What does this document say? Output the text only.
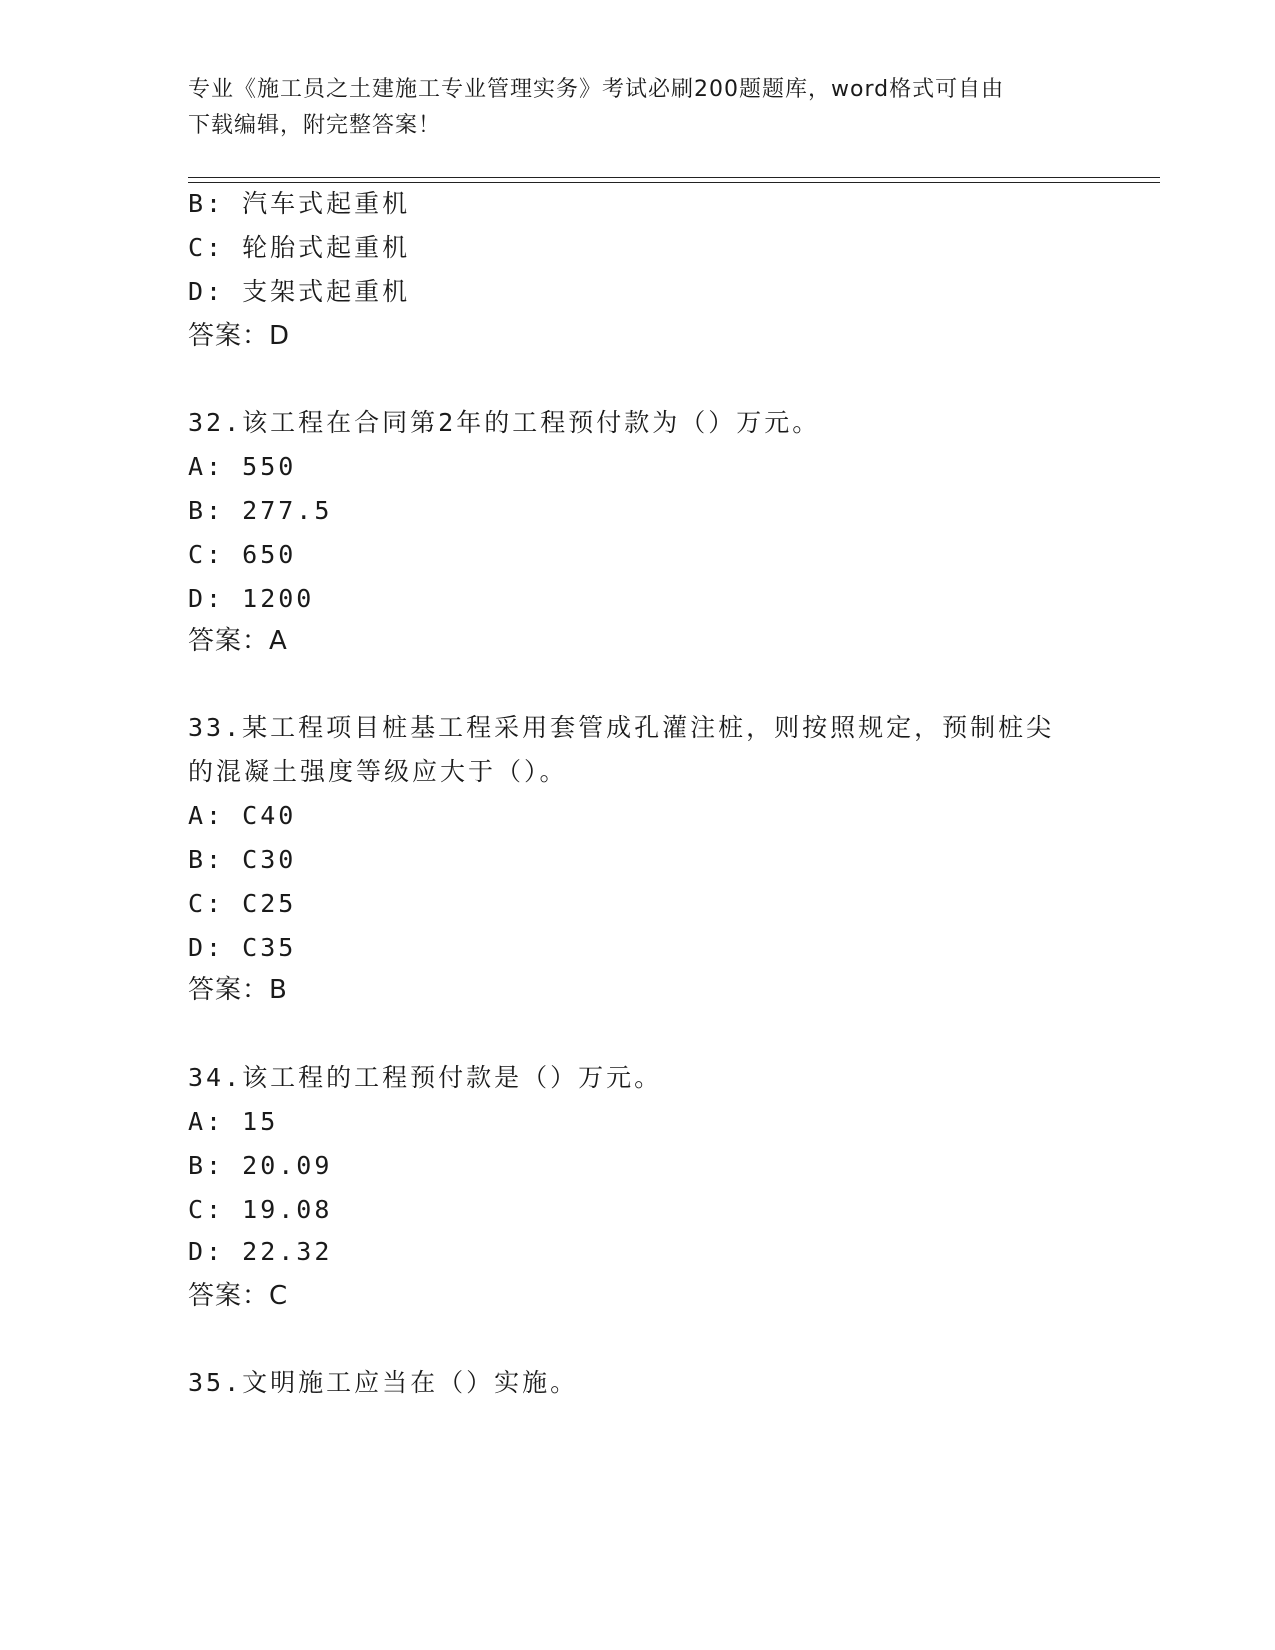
专业《施工员之土建施工专业管理实务》考试必刷200题题库，word格式可自由
下载编辑，附完整答案！
B: 汽车式起重机
C: 轮胎式起重机
D: 支架式起重机
答案：D
32.该工程在合同第2年的工程预付款为（）万元。
A: 550
B: 277.5
C: 650
D: 1200
答案：A
33.某工程项目桩基工程采用套管成孔灌注桩，则按照规定，预制桩尖
的混凝土强度等级应大于（）。
A: C40
B: C30
C: C25
D: C35
答案：B
34.该工程的工程预付款是（）万元。
A: 15
B: 20.09
C: 19.08
D: 22.32
答案：C
35.文明施工应当在（）实施。
